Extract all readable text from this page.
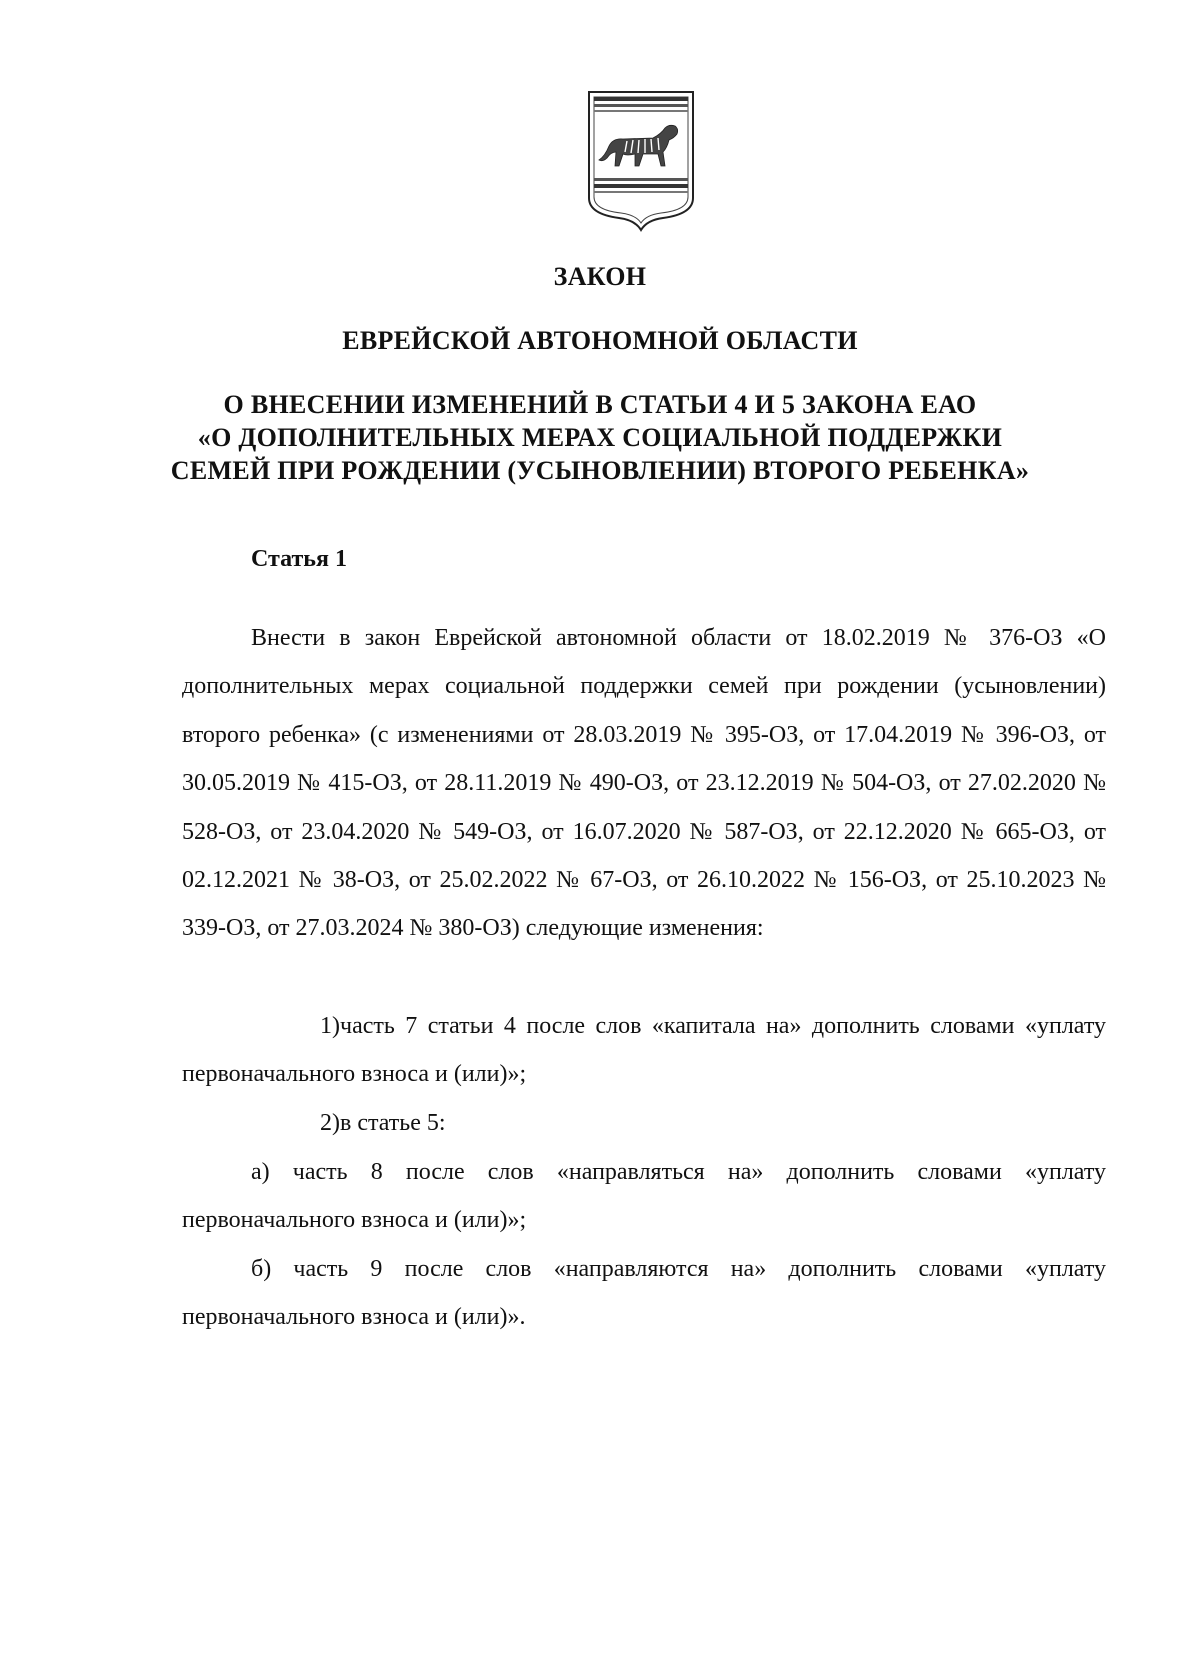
ЗАКОН
ЕВРЕЙСКОЙ АВТОНОМНОЙ ОБЛАСТИ
О ВНЕСЕНИИ ИЗМЕНЕНИЙ В СТАТЬИ 4 И 5 ЗАКОНА ЕАО
«О ДОПОЛНИТЕЛЬНЫХ МЕРАХ СОЦИАЛЬНОЙ ПОДДЕРЖКИ
СЕМЕЙ ПРИ РОЖДЕНИИ (УСЫНОВЛЕНИИ) ВТОРОГО РЕБЕНКА»
Статья 1

Внести в закон Еврейской автономной области от 18.02.2019 № 376-ОЗ «О дополнительных мерах социальной поддержки семей при рождении (усыновлении) второго ребенка» (с изменениями от 28.03.2019 № 395-ОЗ, от 17.04.2019 № 396-ОЗ, от 30.05.2019 № 415-ОЗ, от 28.11.2019 № 490-ОЗ, от 23.12.2019 № 504-ОЗ, от 27.02.2020 № 528-ОЗ, от 23.04.2020 № 549-ОЗ, от 16.07.2020 № 587-ОЗ, от 22.12.2020 № 665-ОЗ, от 02.12.2021 № 38-ОЗ, от 25.02.2022 № 67-ОЗ, от 26.10.2022 № 156-ОЗ, от 25.10.2023 № 339-ОЗ, от 27.03.2024 № 380-ОЗ) следующие изменения:

1)часть 7 статьи 4 после слов «капитала на» дополнить словами «уплату первоначального взноса и (или)»;

2)в статье 5:

а) часть 8 после слов «направляться на» дополнить словами «уплату первоначального взноса и (или)»;

б) часть 9 после слов «направляются на» дополнить словами «уплату первоначального взноса и (или)».
